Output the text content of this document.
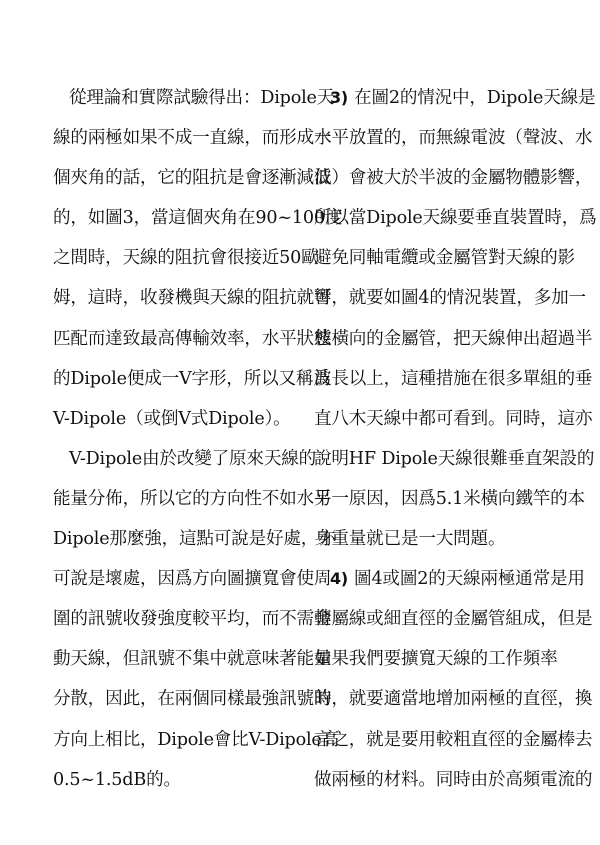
從理論和實際試驗得出：Dipole天
線的兩極如果不成一直線，而形成一
個夾角的話，它的阻抗是會逐漸減低
的，如圖3，當這個夾角在90~100度
之間時，天線的阻抗會很接近50歐
姆，這時，收發機與天線的阻抗就可
匹配而達致最高傳輸效率，水平狀態
的Dipole便成一V字形，所以又稱爲
V-Dipole（或倒V式Dipole）。
V-Dipole由於改變了原來天線的
能量分佈，所以它的方向性不如水平
Dipole那麼強，這點可說是好處，亦
可說是壞處，因爲方向圖擴寬會使周
圍的訊號收發強度較平均，而不需轉
動天線，但訊號不集中就意味著能量
分散，因此，在兩個同樣最強訊號的
方向上相比，Dipole會比V-Dipole高
0.5~1.5dB的。
3) 在圖2的情況中，Dipole天線是
水平放置的，而無線電波（聲波、水
波）會被大於半波的金屬物體影響，
所以當Dipole天線要垂直裝置時，爲
避免同軸電纜或金屬管對天線的影
響，就要如圖4的情況裝置，多加一
枝橫向的金屬管，把天線伸出超過半
波長以上，這種措施在很多單組的垂
直八木天線中都可看到。同時，這亦
說明HF Dipole天線很難垂直架設的
另一原因，因爲5.1米橫向鐵竿的本
身重量就已是一大問題。
4) 圖4或圖2的天線兩極通常是用
金屬線或細直徑的金屬管組成，但是
如果我們要擴寬天線的工作頻率
時，就要適當地增加兩極的直徑，換
言之，就是要用較粗直徑的金屬棒去
做兩極的材料。同時由於高頻電流的
